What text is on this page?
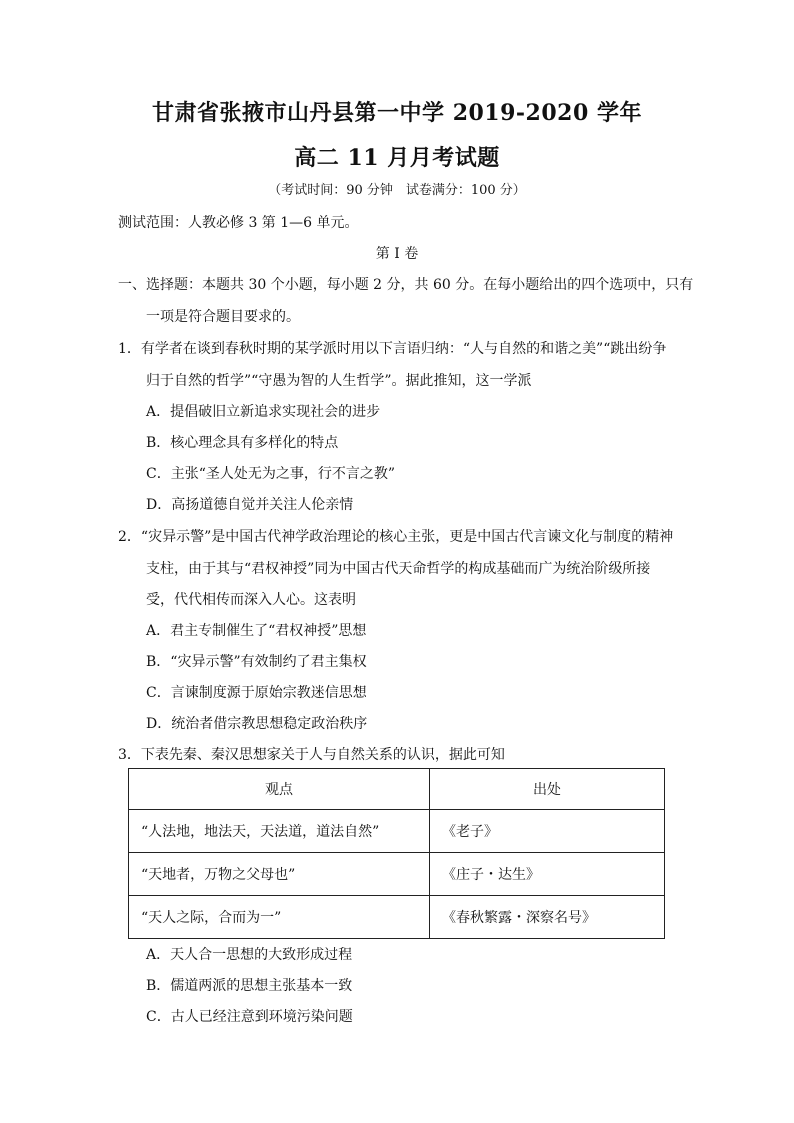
甘肃省张掖市山丹县第一中学 2019-2020 学年
高二 11 月月考试题
（考试时间：90 分钟　试卷满分：100 分）
测试范围：人教必修 3 第 1—6 单元。
第 I 卷
一、选择题：本题共 30 个小题，每小题 2 分，共 60 分。在每小题给出的四个选项中，只有
一项是符合题目要求的。
1．有学者在谈到春秋时期的某学派时用以下言语归纳：“人与自然的和谐之美”“跳出纷争
归于自然的哲学”“守愚为智的人生哲学”。据此推知，这一学派
A．提倡破旧立新追求实现社会的进步
B．核心理念具有多样化的特点
C．主张“圣人处无为之事，行不言之教”
D．高扬道德自觉并关注人伦亲情
2．“灾异示警”是中国古代神学政治理论的核心主张，更是中国古代言谏文化与制度的精神
支柱，由于其与“君权神授”同为中国古代天命哲学的构成基础而广为统治阶级所接
受，代代相传而深入人心。这表明
A．君主专制催生了“君权神授”思想
B．“灾异示警”有效制约了君主集权
C．言谏制度源于原始宗教迷信思想
D．统治者借宗教思想稳定政治秩序
3．下表先秦、秦汉思想家关于人与自然关系的认识，据此可知
观点	出处
“人法地，地法天，天法道，道法自然”	《老子》
“天地者，万物之父母也”	《庄子・达生》
“天人之际，合而为一”	《春秋繁露・深察名号》
A．天人合一思想的大致形成过程
B．儒道两派的思想主张基本一致
C．古人已经注意到环境污染问题
